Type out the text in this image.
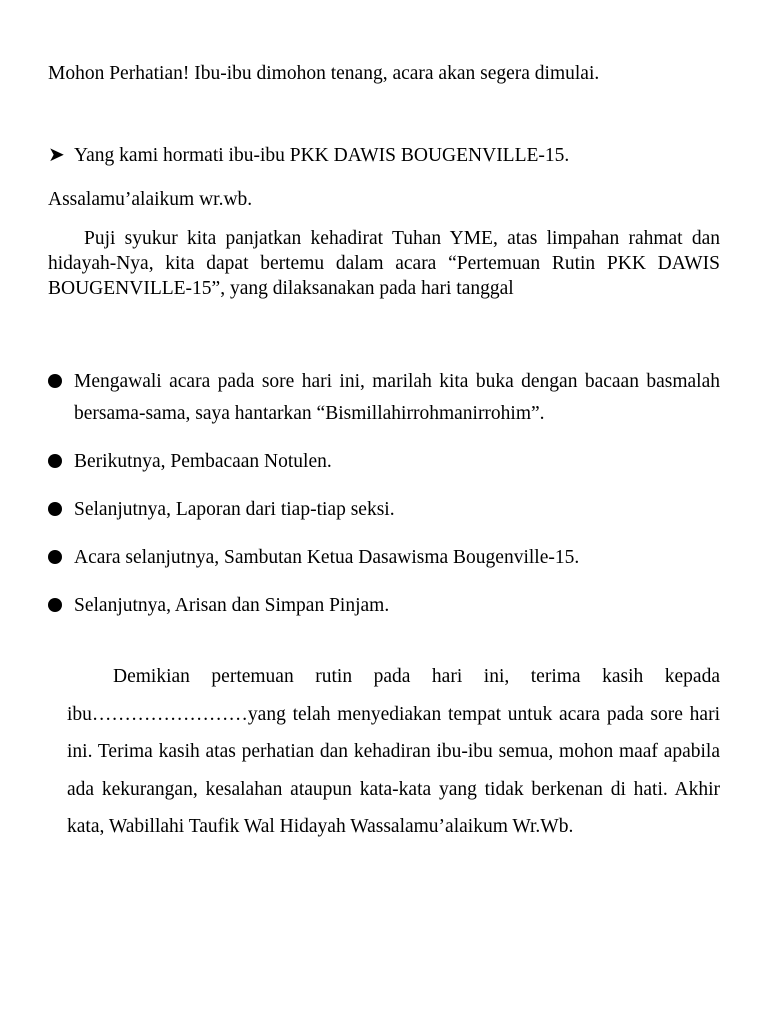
Mohon Perhatian! Ibu-ibu dimohon tenang, acara akan segera dimulai.

➤ Yang kami hormati ibu-ibu PKK DAWIS BOUGENVILLE-15.

Assalamu’alaikum wr.wb.

Puji syukur kita panjatkan kehadirat Tuhan YME, atas limpahan rahmat dan hidayah-Nya, kita dapat bertemu dalam acara “Pertemuan Rutin PKK DAWIS BOUGENVILLE-15”, yang dilaksanakan pada hari tanggal

Mengawali acara pada sore hari ini, marilah kita buka dengan bacaan basmalah bersama-sama, saya hantarkan “Bismillahirrohmanirrohim”.
Berikutnya, Pembacaan Notulen.
Selanjutnya, Laporan dari tiap-tiap seksi.
Acara selanjutnya, Sambutan Ketua Dasawisma Bougenville-15.
Selanjutnya, Arisan dan Simpan Pinjam.

Demikian pertemuan rutin pada hari ini, terima kasih kepada ibu……………………yang telah menyediakan tempat untuk acara pada sore hari ini. Terima kasih atas perhatian dan kehadiran ibu-ibu semua, mohon maaf apabila ada kekurangan, kesalahan ataupun kata-kata yang tidak berkenan di hati. Akhir kata, Wabillahi Taufik Wal Hidayah Wassalamu’alaikum Wr.Wb.
